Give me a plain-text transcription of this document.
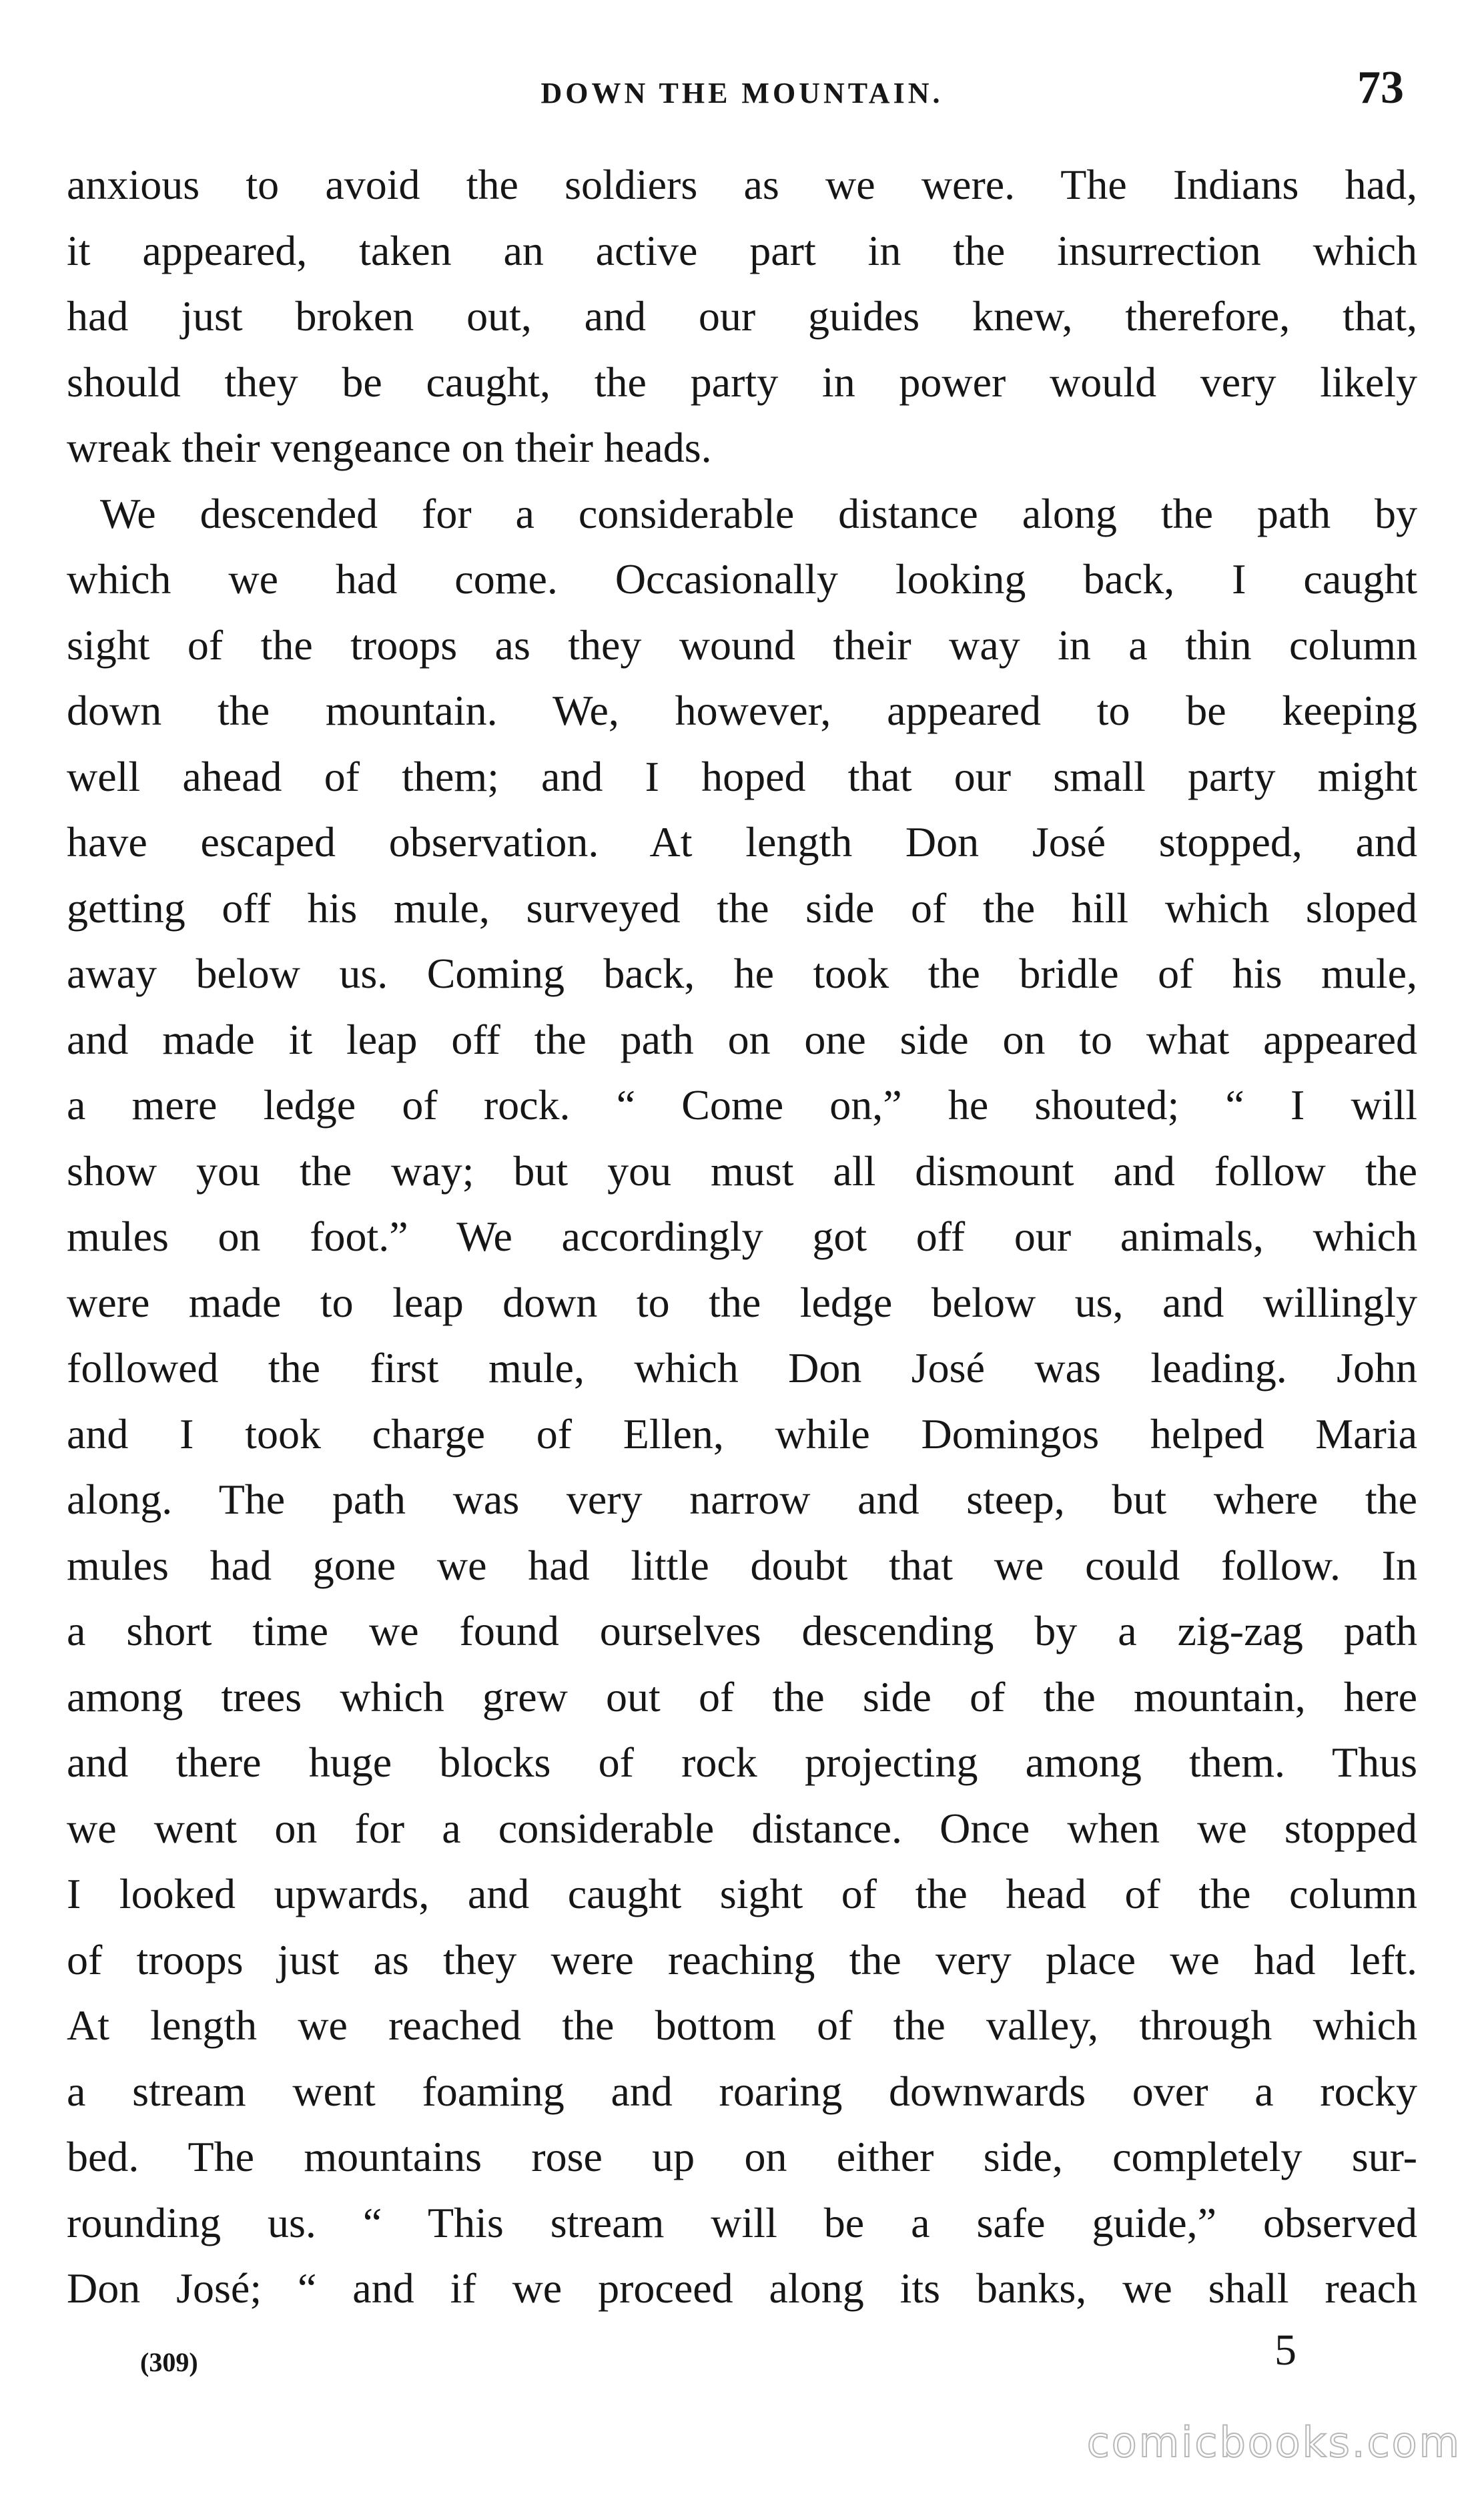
DOWN THE MOUNTAIN.	73
anxious to avoid the soldiers as we were. The Indians had,
it appeared, taken an active part in the insurrection which
had just broken out, and our guides knew, therefore, that,
should they be caught, the party in power would very likely
wreak their vengeance on their heads.
We descended for a considerable distance along the path by
which we had come. Occasionally looking back, I caught
sight of the troops as they wound their way in a thin column
down the mountain. We, however, appeared to be keeping
well ahead of them; and I hoped that our small party might
have escaped observation. At length Don José stopped, and
getting off his mule, surveyed the side of the hill which sloped
away below us. Coming back, he took the bridle of his mule,
and made it leap off the path on one side on to what appeared
a mere ledge of rock. “ Come on,” he shouted; “ I will
show you the way; but you must all dismount and follow the
mules on foot.” We accordingly got off our animals, which
were made to leap down to the ledge below us, and willingly
followed the first mule, which Don José was leading. John
and I took charge of Ellen, while Domingos helped Maria
along. The path was very narrow and steep, but where the
mules had gone we had little doubt that we could follow. In
a short time we found ourselves descending by a zig-zag path
among trees which grew out of the side of the mountain, here
and there huge blocks of rock projecting among them. Thus
we went on for a considerable distance. Once when we stopped
I looked upwards, and caught sight of the head of the column
of troops just as they were reaching the very place we had left.
At length we reached the bottom of the valley, through which
a stream went foaming and roaring downwards over a rocky
bed. The mountains rose up on either side, completely sur-
rounding us. “ This stream will be a safe guide,” observed
Don José; “ and if we proceed along its banks, we shall reach
(309)	5
comicbooks.com
